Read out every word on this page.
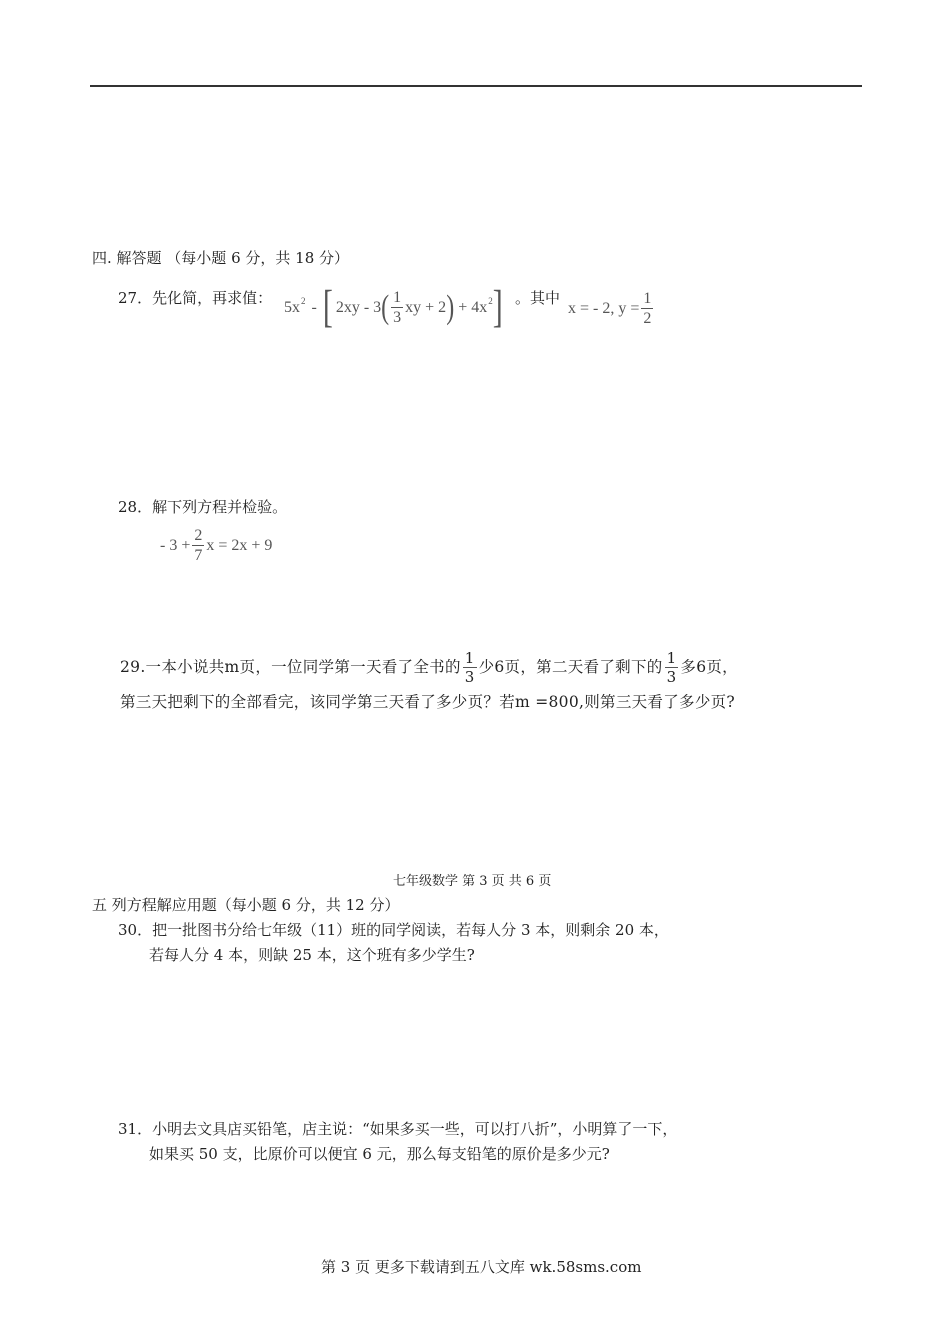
四. 解答题 （每小题 6 分，共 18 分）
27．先化简，再求值：
5x 2 - [ 2xy - 3 ( $\frac{1}{3}$ xy + 2 ) + 4x 2 ] 。其中
x = - 2, $y = \frac{1}{2}$
28．解下列方程并检验。
- $3 + \frac{2}{7}$ x = 2x + 9
29.一本小说共m页，一位同学第一天看了全书的 $\frac{1}{3}$ 少6页，第二天看了剩下的 $\frac{1}{3}$ 多6页，
第三天把剩下的全部看完，该同学第三天看了多少页？若m =800,则第三天看了多少页?
七年级数学 第 3 页 共 6 页
五 列方程解应用题（每小题 6 分，共 12 分）
30．把一批图书分给七年级（11）班的同学阅读，若每人分 3 本，则剩余 20 本，
若每人分 4 本，则缺 25 本，这个班有多少学生?
31．小明去文具店买铅笔，店主说：“如果多买一些，可以打八折”，小明算了一下，
如果买 50 支，比原价可以便宜 6 元，那么每支铅笔的原价是多少元?
第 3 页 更多下载请到五八文库 wk.58sms.com
